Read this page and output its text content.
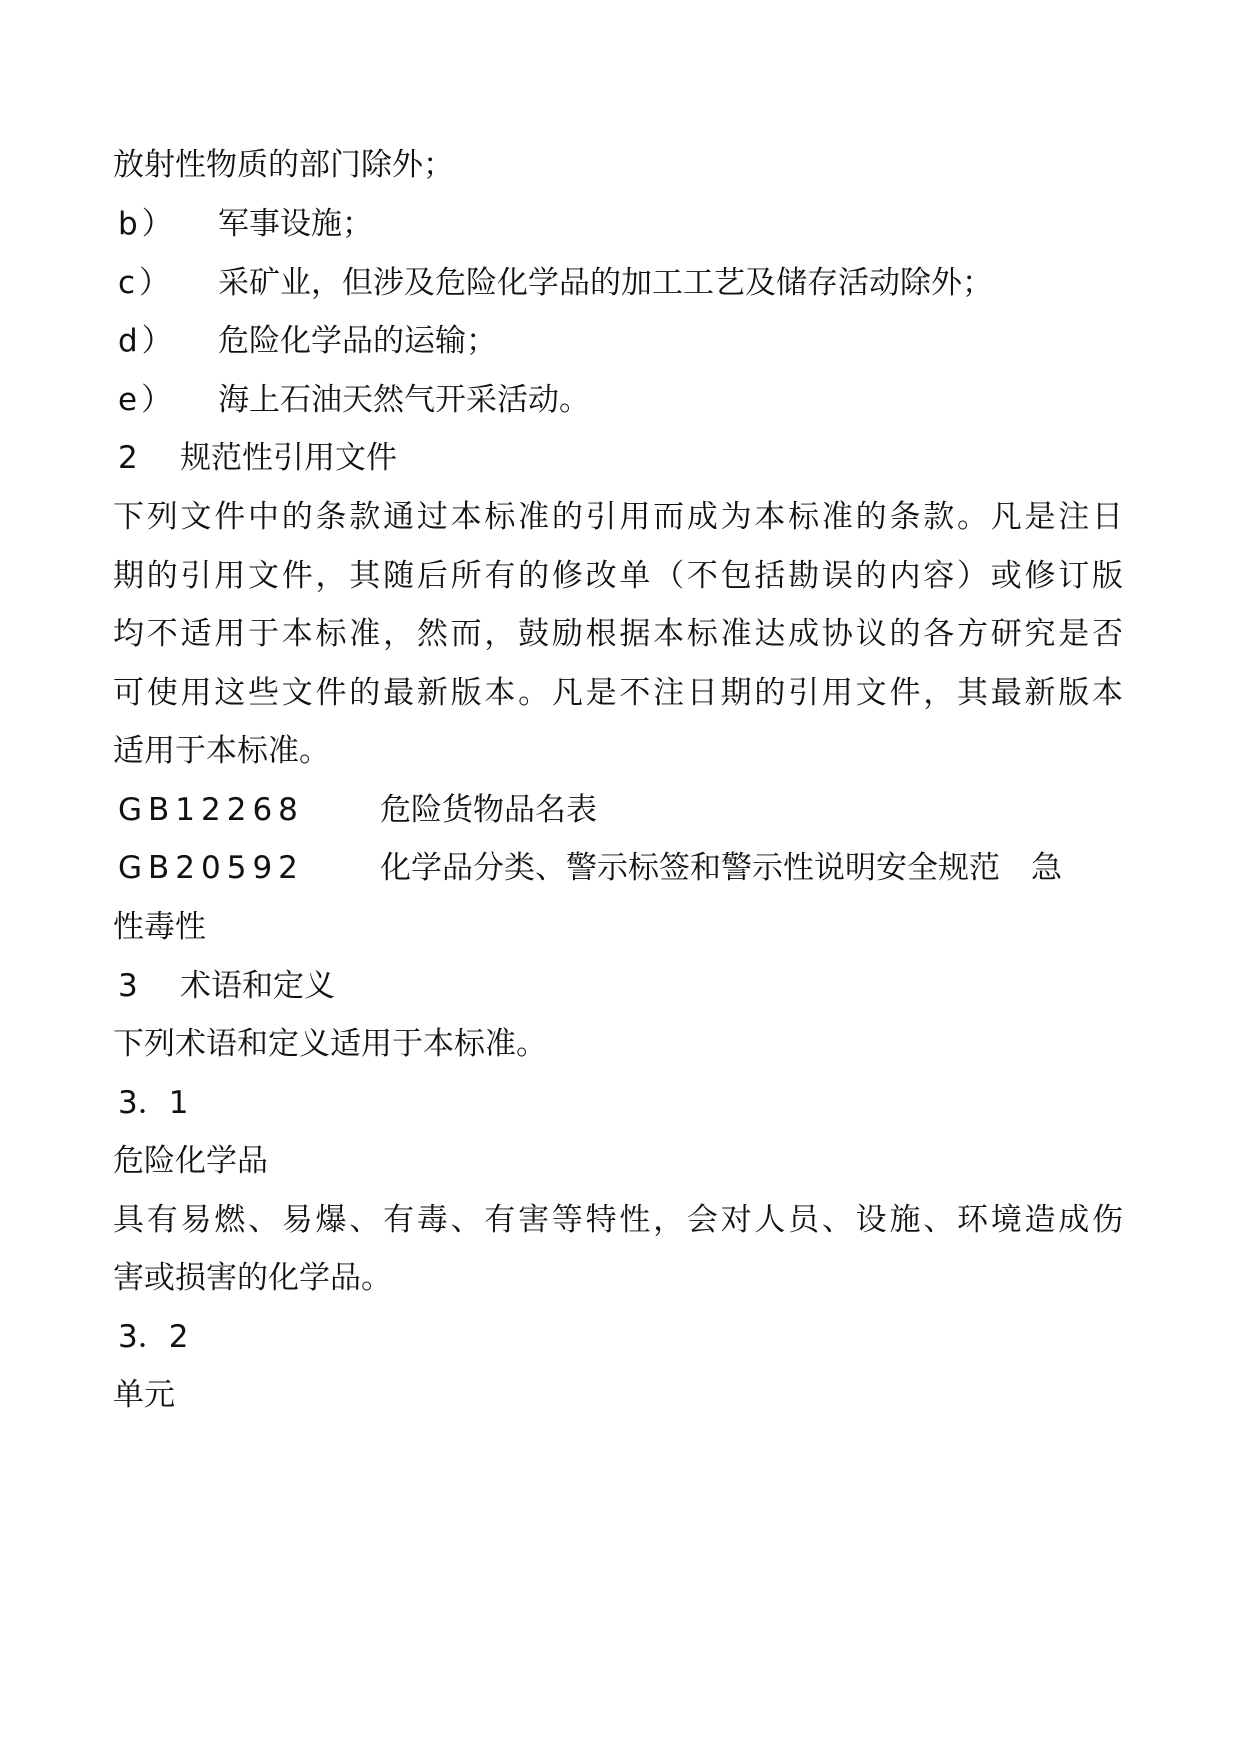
放射性物质的部门除外；
b） 军事设施；
c） 采矿业，但涉及危险化学品的加工工艺及储存活动除外；
d） 危险化学品的运输；
e） 海上石油天然气开采活动。
2 规范性引用文件
下列文件中的条款通过本标准的引用而成为本标准的条款。凡是注日
期的引用文件，其随后所有的修改单（不包括勘误的内容）或修订版
均不适用于本标准，然而，鼓励根据本标准达成协议的各方研究是否
可使用这些文件的最新版本。凡是不注日期的引用文件，其最新版本
适用于本标准。
GB12268 危险货物品名表
GB20592 化学品分类、警示标签和警示性说明安全规范　急
性毒性
3 术语和定义
下列术语和定义适用于本标准。
3．1
危险化学品
具有易燃、易爆、有毒、有害等特性，会对人员、设施、环境造成伤
害或损害的化学品。
3．2
单元
